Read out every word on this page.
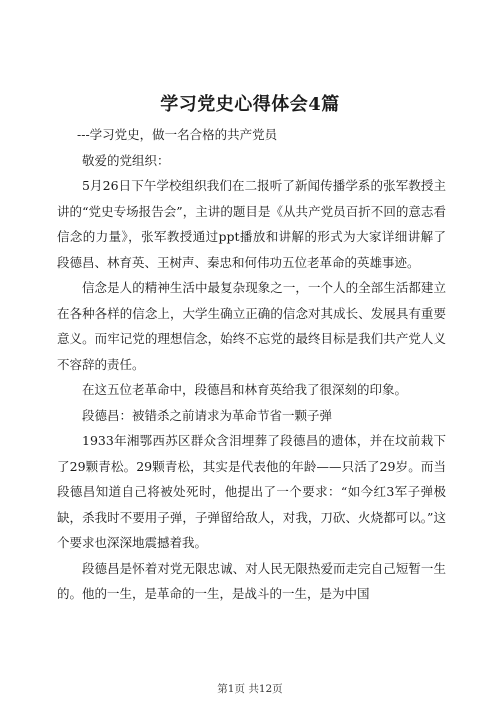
学习党史心得体会4篇

---学习党史，做一名合格的共产党员

敬爱的党组织：

5月26日下午学校组织我们在二报听了新闻传播学系的张军教授主讲的“党史专场报告会”，主讲的题目是《从共产党员百折不回的意志看信念的力量》，张军教授通过ppt播放和讲解的形式为大家详细讲解了段德昌、林育英、王树声、秦忠和何伟功五位老革命的英雄事迹。

信念是人的精神生活中最复杂现象之一，一个人的全部生活都建立在各种各样的信念上，大学生确立正确的信念对其成长、发展具有重要意义。而牢记党的理想信念，始终不忘党的最终目标是我们共产党人义不容辞的责任。

在这五位老革命中，段德昌和林育英给我了很深刻的印象。

段德昌：被错杀之前请求为革命节省一颗子弹

1933年湘鄂西苏区群众含泪埋葬了段德昌的遗体，并在坟前栽下了29颗青松。29颗青松，其实是代表他的年龄——只活了29岁。而当段德昌知道自己将被处死时，他提出了一个要求：“如今红3军子弹极缺，杀我时不要用子弹，子弹留给敌人，对我，刀砍、火烧都可以。”这个要求也深深地震撼着我。

段德昌是怀着对党无限忠诚、对人民无限热爱而走完自己短暂一生的。他的一生，是革命的一生，是战斗的一生，是为中国

第1页 共12页
